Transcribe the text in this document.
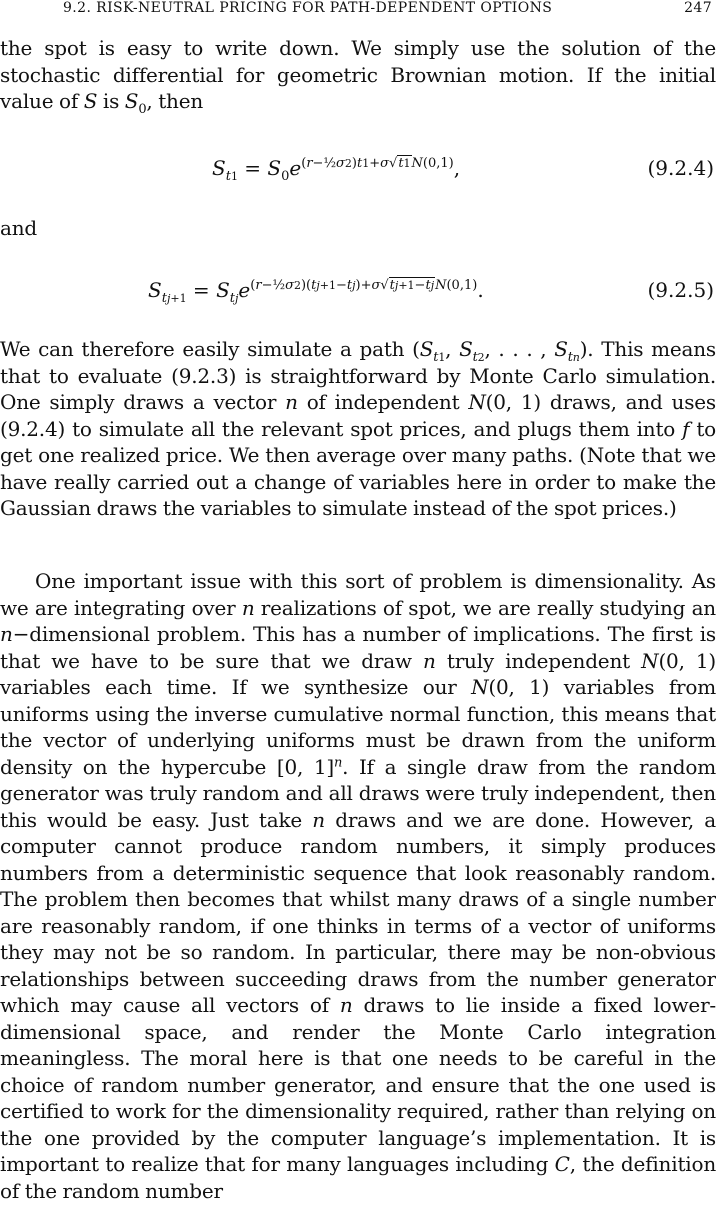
9.2. RISK-NEUTRAL PRICING FOR PATH-DEPENDENT OPTIONS	247

the spot is easy to write down. We simply use the solution of the stochastic differential for geometric Brownian motion. If the initial value of S is $S_0$, then

$S_{t1} = S_0e^{(r-\frac{1}{2}\sigma 2)t1+\sigma√t1N(0,1)}$,	(9.2.4)

and

$S_{tj+1} = S_{tj}e^{(r-\frac{1}{2}\sigma 2)(tj+1-tj)+\sigma√tj+1-tjN(0,1)}$.	(9.2.5)

We can therefore easily simulate a path ($S_{t1}$, $S_{t2}$, . . . , $S_{tn}$). This means that to evaluate (9.2.3) is straightforward by Monte Carlo simulation. One simply draws a vector n of independent N(0, 1) draws, and uses (9.2.4) to simulate all the relevant spot prices, and plugs them into f to get one realized price. We then average over many paths. (Note that we have really carried out a change of variables here in order to make the Gaussian draws the variables to simulate instead of the spot prices.)

One important issue with this sort of problem is dimensionality. As we are integrating over n realizations of spot, we are really studying an n−dimensional problem. This has a number of implications. The first is that we have to be sure that we draw n truly independent N(0, 1) variables each time. If we synthesize our N(0, 1) variables from uniforms using the inverse cumulative normal function, this means that the vector of underlying uniforms must be drawn from the uniform density on the hypercube [0, 1]$^n$. If a single draw from the random generator was truly random and all draws were truly independent, then this would be easy. Just take n draws and we are done. However, a computer cannot produce random numbers, it simply produces numbers from a deterministic sequence that look reasonably random. The problem then becomes that whilst many draws of a single number are reasonably random, if one thinks in terms of a vector of uniforms they may not be so random. In particular, there may be non-obvious relationships between succeeding draws from the number generator which may cause all vectors of n draws to lie inside a fixed lower-dimensional space, and render the Monte Carlo integration meaningless. The moral here is that one needs to be careful in the choice of random number generator, and ensure that the one used is certified to work for the dimensionality required, rather than relying on the one provided by the computer language’s implementation. It is important to realize that for many languages including C, the definition of the random number
